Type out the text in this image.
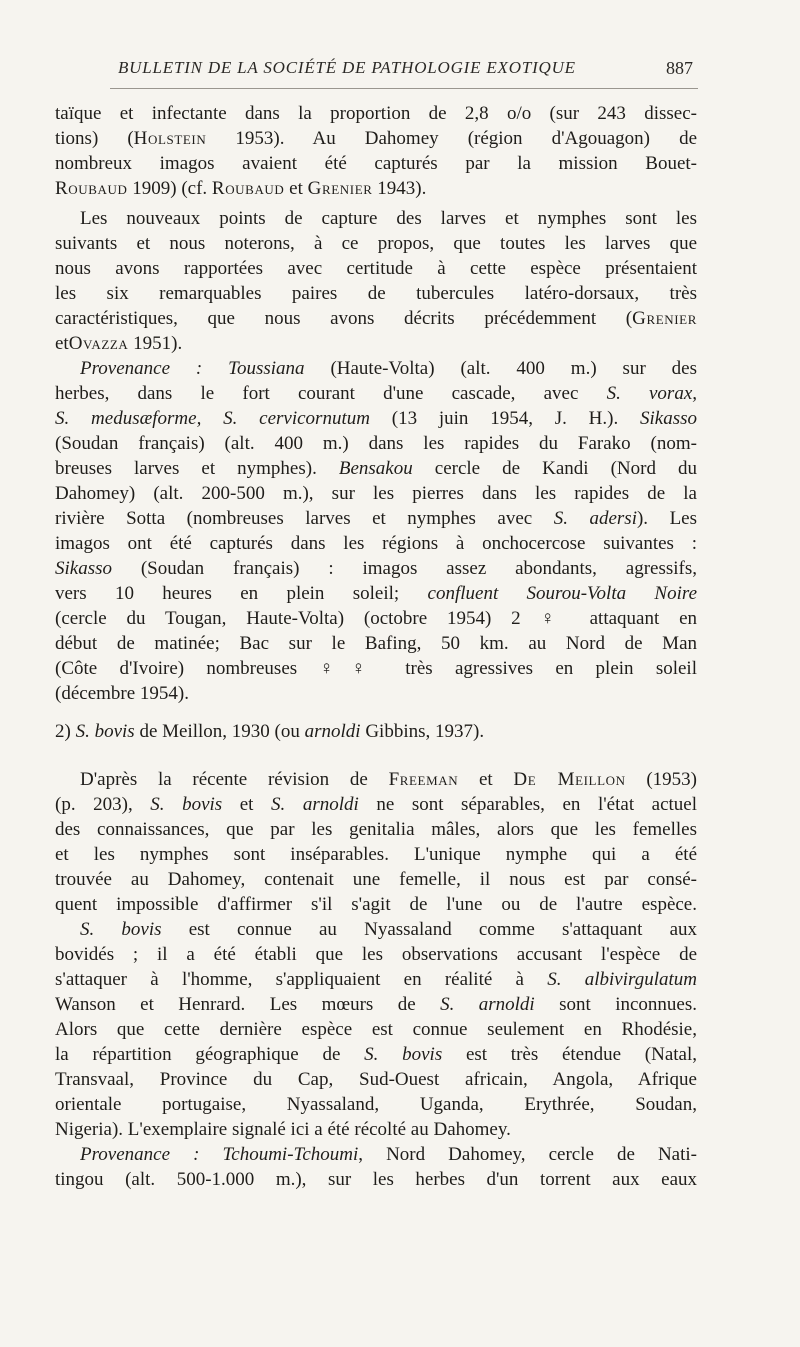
BULLETIN DE LA SOCIÉTÉ DE PATHOLOGIE EXOTIQUE	887
taïque et infectante dans la proportion de 2,8 o/o (sur 243 dissec-
tions) (Holstein 1953). Au Dahomey (région d'Agouagon) de
nombreux imagos avaient été capturés par la mission Bouet-
Roubaud 1909) (cf. Roubaud et Grenier 1943).
Les nouveaux points de capture des larves et nymphes sont les
suivants et nous noterons, à ce propos, que toutes les larves que
nous avons rapportées avec certitude à cette espèce présentaient
les six remarquables paires de tubercules latéro-dorsaux, très
caractéristiques, que nous avons décrits précédemment (Grenier
etOvazza 1951).
Provenance : Toussiana (Haute-Volta) (alt. 400 m.) sur des
herbes, dans le fort courant d'une cascade, avec S. vorax,
S. medusæforme, S. cervicornutum (13 juin 1954, J. H.). Sikasso
(Soudan français) (alt. 400 m.) dans les rapides du Farako (nom-
breuses larves et nymphes). Bensakou cercle de Kandi (Nord du
Dahomey) (alt. 200-500 m.), sur les pierres dans les rapides de la
rivière Sotta (nombreuses larves et nymphes avec S. adersi). Les
imagos ont été capturés dans les régions à onchocercose suivantes :
Sikasso (Soudan français) : imagos assez abondants, agressifs,
vers 10 heures en plein soleil; confluent Sourou-Volta Noire
(cercle du Tougan, Haute-Volta) (octobre 1954) 2 ♀ attaquant en
début de matinée; Bac sur le Bafing, 50 km. au Nord de Man
(Côte d'Ivoire) nombreuses ♀♀ très agressives en plein soleil
(décembre 1954).
2) S. bovis de Meillon, 1930 (ou arnoldi Gibbins, 1937).
D'après la récente révision de Freeman et De Meillon (1953)
(p. 203), S. bovis et S. arnoldi ne sont séparables, en l'état actuel
des connaissances, que par les genitalia mâles, alors que les femelles
et les nymphes sont inséparables. L'unique nymphe qui a été
trouvée au Dahomey, contenait une femelle, il nous est par consé-
quent impossible d'affirmer s'il s'agit de l'une ou de l'autre espèce.
S. bovis est connue au Nyassaland comme s'attaquant aux
bovidés ; il a été établi que les observations accusant l'espèce de
s'attaquer à l'homme, s'appliquaient en réalité à S. albivirgulatum
Wanson et Henrard. Les mœurs de S. arnoldi sont inconnues.
Alors que cette dernière espèce est connue seulement en Rhodésie,
la répartition géographique de S. bovis est très étendue (Natal,
Transvaal, Province du Cap, Sud-Ouest africain, Angola, Afrique
orientale portugaise, Nyassaland, Uganda, Erythrée, Soudan,
Nigeria). L'exemplaire signalé ici a été récolté au Dahomey.
Provenance : Tchoumi-Tchoumi, Nord Dahomey, cercle de Nati-
tingou (alt. 500-1.000 m.), sur les herbes d'un torrent aux eaux
